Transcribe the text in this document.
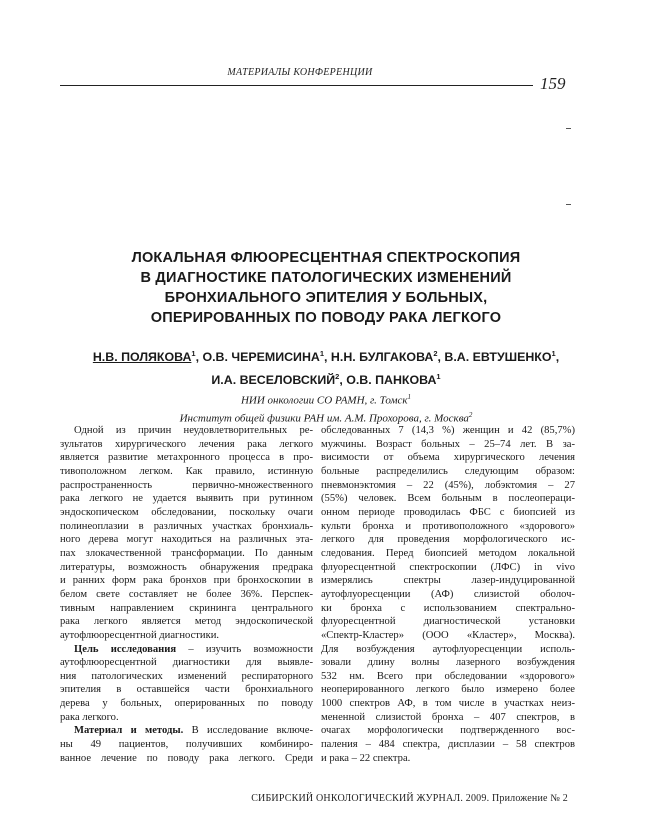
МАТЕРИАЛЫ КОНФЕРЕНЦИИ
159
ЛОКАЛЬНАЯ ФЛЮОРЕСЦЕНТНАЯ СПЕКТРОСКОПИЯ
В ДИАГНОСТИКЕ ПАТОЛОГИЧЕСКИХ ИЗМЕНЕНИЙ
БРОНХИАЛЬНОГО ЭПИТЕЛИЯ У БОЛЬНЫХ,
ОПЕРИРОВАННЫХ ПО ПОВОДУ РАКА ЛЕГКОГО
Н.В. ПОЛЯКОВА$^1$, О.В. ЧЕРЕМИСИНА$^1$, Н.Н. БУЛГАКОВА$^2$, В.А. ЕВТУШЕНКО$^1$,
И.А. ВЕСЕЛОВСКИЙ$^2$, О.В. ПАНКОВА$^1$
НИИ онкологии СО РАМН, г. Томск$^1$
Институт общей физики РАН им. А.М. Прохорова, г. Москва$^2$
Одной из причин неудовлетворительных ре-
зультатов хирургического лечения рака легкого
является развитие метахронного процесса в про-
тивоположном легком. Как правило, истинную
распространенность первично-множественного
рака легкого не удается выявить при рутинном
эндоскопическом обследовании, поскольку очаги
полинеоплазии в различных участках бронхиаль-
ного дерева могут находиться на различных эта-
пах злокачественной трансформации. По данным
литературы, возможность обнаружения предрака
и ранних форм рака бронхов при бронхоскопии в
белом свете составляет не более 36%. Перспек-
тивным направлением скрининга центрального
рака легкого является метод эндоскопической
аутофлюоресцентной диагностики.
Цель исследования – изучить возможности
аутофлюоресцентной диагностики для выявле-
ния патологических изменений респираторного
эпителия в оставшейся части бронхиального
дерева у больных, оперированных по поводу
рака легкого.
Материал и методы. В исследование включе-
ны 49 пациентов, получивших комбиниро-
ванное лечение по поводу рака легкого. Среди
обследованных 7 (14,3 %) женщин и 42 (85,7%)
мужчины. Возраст больных – 25–74 лет. В за-
висимости от объема хирургического лечения
больные распределились следующим образом:
пневмонэктомия – 22 (45%), лобэктомия – 27
(55%) человек. Всем больным в послеопераци-
онном периоде проводилась ФБС с биопсией из
культи бронха и противоположного «здорового»
легкого для проведения морфологического ис-
следования. Перед биопсией методом локальной
флуоресцентной спектроскопии (ЛФС) in vivo
измерялись спектры лазер-индуцированной
аутофлуоресценции (АФ) слизистой оболоч-
ки бронха с использованием спектрально-
флуоресцентной диагностической установки
«Спектр-Кластер» (ООО «Кластер», Москва).
Для возбуждения аутофлуоресценции исполь-
зовали длину волны лазерного возбуждения
532 нм. Всего при обследовании «здорового»
неоперированного легкого было измерено более
1000 спектров АФ, в том числе в участках неиз-
мененной слизистой бронха – 407 спектров, в
очагах морфологически подтвержденного вос-
паления – 484 спектра, дисплазии – 58 спектров
и рака – 22 спектра.
СИБИРСКИЙ ОНКОЛОГИЧЕСКИЙ ЖУРНАЛ. 2009. Приложение № 2
